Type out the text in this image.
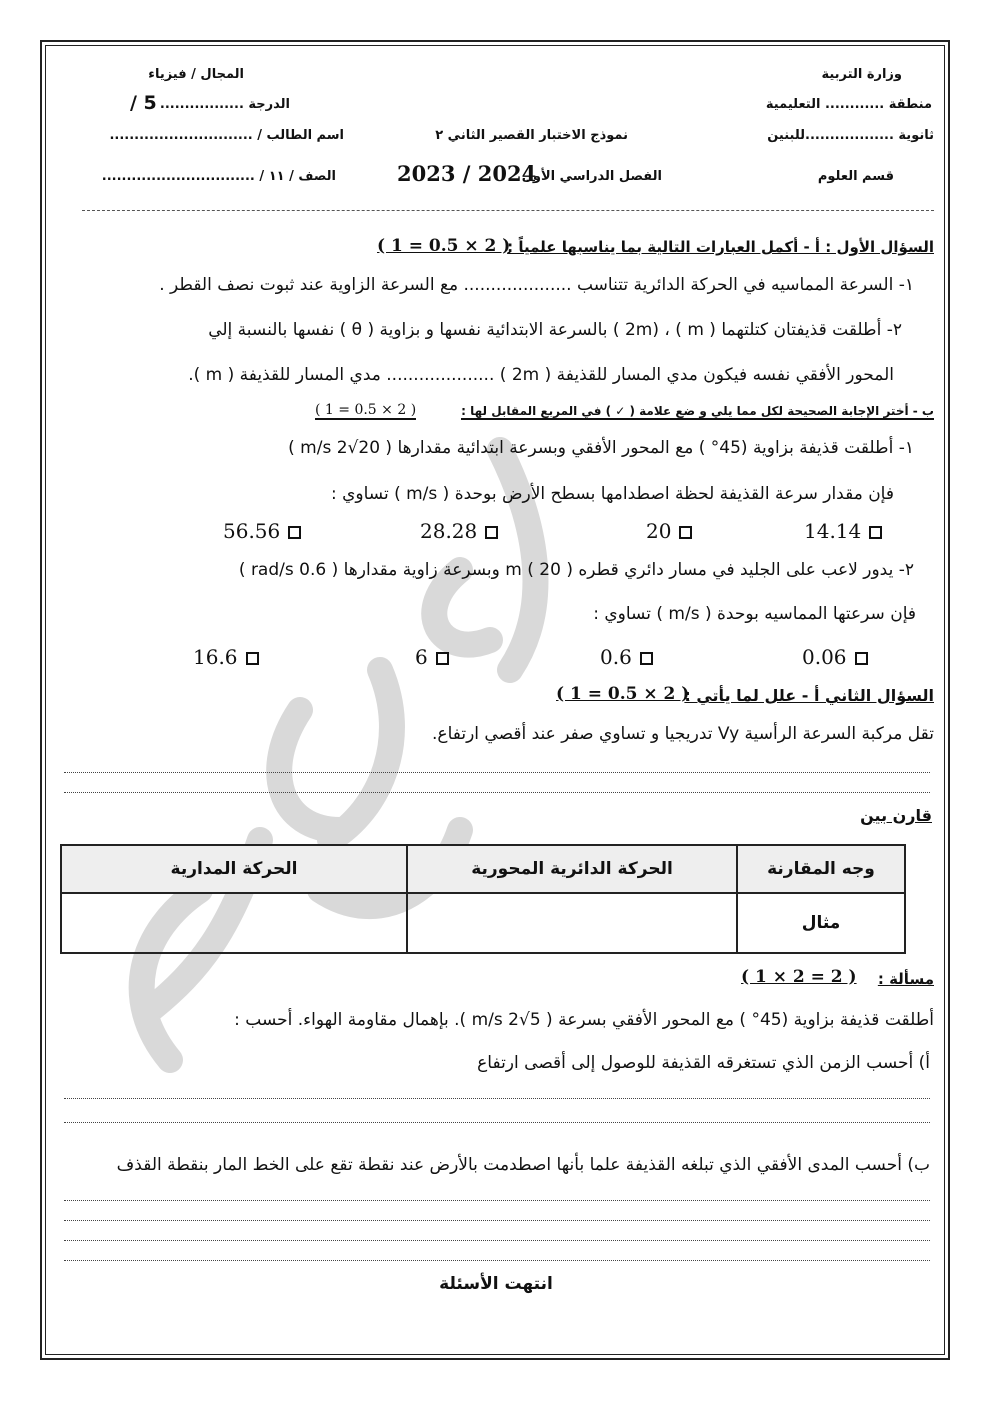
وزارة التربية
منطقة ............ التعليمية
ثانوية ..................للبنين
قسم العلوم
المجال / فيزياء
الدرجة .................
/ 5
اسم الطالب / .............................
الصف / ١١ / ...............................
نموذج الاختبار القصير الثاني ٢
الفصل الدراسي الأول
2023 / 2024
السؤال الأول : أ - أكمل العبارات التالية بما يناسبها علمياً :
( 1 = 0.5 × 2 )
١- السرعة المماسيه في الحركة الدائرية تتناسب .................... مع السرعة الزاوية عند ثبوت نصف القطر .
٢- أطلقت قذيفتان كتلتهما ( m ) ، (2m ) بالسرعة الابتدائية نفسها و بزاوية ( θ ) نفسها بالنسبة إلي
المحور الأفقي نفسه فيكون مدي المسار للقذيفة ( 2m ) .................... مدي المسار للقذيفة ( m ).
ب - أختر الإجابة الصحيحة لكل مما يلي و ضع علامة ( ✓ ) في المربع المقابل لها :
( 1 = 0.5 × 2 )
١- أطلقت قذيفة بزاوية (45° ) مع المحور الأفقي وبسرعة ابتدائية مقدارها ( 20√2 m/s )
فإن مقدار سرعة القذيفة لحظة اصطدامها بسطح الأرض بوحدة ( m/s ) تساوي :
14.14
20
28.28
56.56
٢- يدور لاعب على الجليد في مسار دائري قطره m ( 20 ) وبسرعة زاوية مقدارها ( 0.6 rad/s )
فإن سرعتها المماسيه بوحدة ( m/s ) تساوي :
0.06
0.6
6
16.6
السؤال الثاني أ - علل لما يأتي :
( 1 = 0.5 × 2 )
تقل مركبة السرعة الرأسية Vy تدريجيا و تساوي صفر عند أقصي ارتفاع.
قارن بين
وجه المقارنة	الحركة الدائرية المحورية	الحركة المدارية
مثال		
مسألة :
( 1 × 2 = 2 )
أطلقت قذيفة بزاوية (45° ) مع المحور الأفقي بسرعة ( 5√2 m/s ). بإهمال مقاومة الهواء. أحسب :
أ) أحسب الزمن الذي تستغرقه القذيفة للوصول إلى أقصى ارتفاع
ب) أحسب المدى الأفقي الذي تبلغه القذيفة علما بأنها اصطدمت بالأرض عند نقطة تقع على الخط المار بنقطة القذف
انتهت الأسئلة
